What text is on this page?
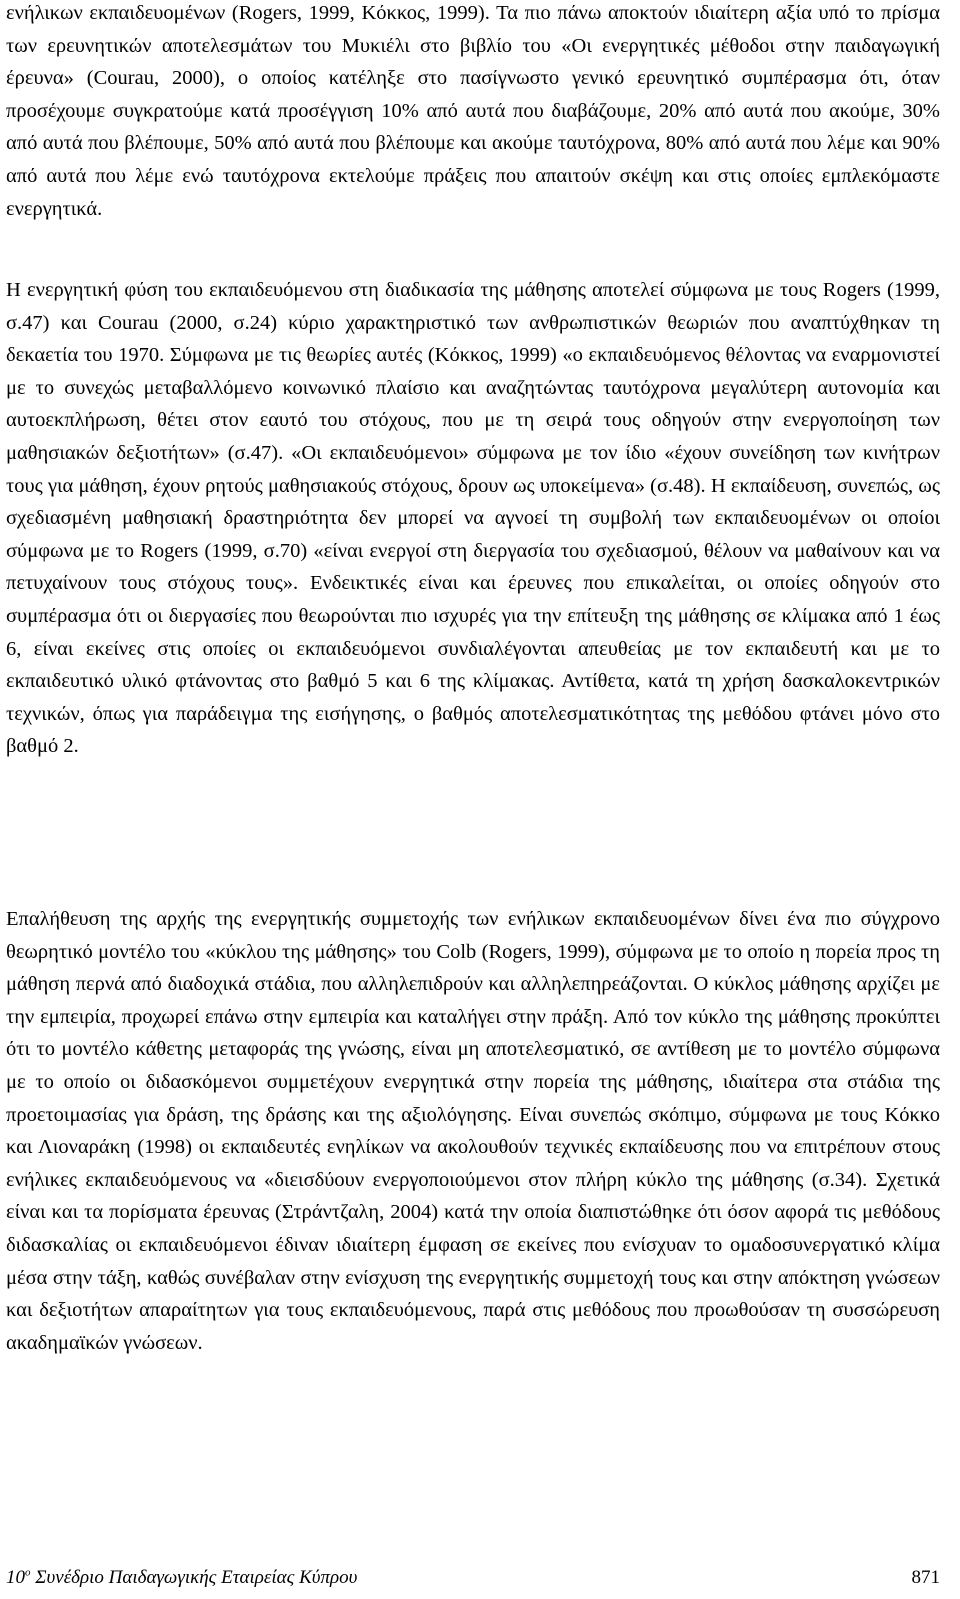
ενήλικων εκπαιδευομένων (Rogers, 1999, Κόκκος, 1999). Τα πιο πάνω αποκτούν ιδιαίτερη αξία υπό το πρίσμα των ερευνητικών αποτελεσμάτων του Μυκιέλι στο βιβλίο του «Οι ενεργητικές μέθοδοι στην παιδαγωγική έρευνα» (Courau, 2000), ο οποίος κατέληξε στο πασίγνωστο γενικό ερευνητικό συμπέρασμα ότι, όταν προσέχουμε συγκρατούμε κατά προσέγγιση 10% από αυτά που διαβάζουμε, 20% από αυτά που ακούμε, 30% από αυτά που βλέπουμε, 50% από αυτά που βλέπουμε και ακούμε ταυτόχρονα, 80% από αυτά που λέμε και 90% από αυτά που λέμε ενώ ταυτόχρονα εκτελούμε πράξεις που απαιτούν σκέψη και στις οποίες εμπλεκόμαστε ενεργητικά.

Η ενεργητική φύση του εκπαιδευόμενου στη διαδικασία της μάθησης αποτελεί σύμφωνα με τους Rogers (1999, σ.47) και Courau (2000, σ.24) κύριο χαρακτηριστικό των ανθρωπιστικών θεωριών που αναπτύχθηκαν τη δεκαετία του 1970. Σύμφωνα με τις θεωρίες αυτές (Κόκκος, 1999) «ο εκπαιδευόμενος θέλοντας να εναρμονιστεί με το συνεχώς μεταβαλλόμενο κοινωνικό πλαίσιο και αναζητώντας ταυτόχρονα μεγαλύτερη αυτονομία και αυτοεκπλήρωση, θέτει στον εαυτό του στόχους, που με τη σειρά τους οδηγούν στην ενεργοποίηση των μαθησιακών δεξιοτήτων» (σ.47). «Οι εκπαιδευόμενοι» σύμφωνα με τον ίδιο «έχουν συνείδηση των κινήτρων τους για μάθηση, έχουν ρητούς μαθησιακούς στόχους, δρουν ως υποκείμενα» (σ.48). Η εκπαίδευση, συνεπώς, ως σχεδιασμένη μαθησιακή δραστηριότητα δεν μπορεί να αγνοεί τη συμβολή των εκπαιδευομένων οι οποίοι σύμφωνα με το Rogers (1999, σ.70) «είναι ενεργοί στη διεργασία του σχεδιασμού, θέλουν να μαθαίνουν και να πετυχαίνουν τους στόχους τους». Ενδεικτικές είναι και έρευνες που επικαλείται, οι οποίες οδηγούν στο συμπέρασμα ότι οι διεργασίες που θεωρούνται πιο ισχυρές για την επίτευξη της μάθησης σε κλίμακα από 1 έως 6, είναι εκείνες στις οποίες οι εκπαιδευόμενοι συνδιαλέγονται απευθείας με τον εκπαιδευτή και με το εκπαιδευτικό υλικό φτάνοντας στο βαθμό 5 και 6 της κλίμακας. Αντίθετα, κατά τη χρήση δασκαλοκεντρικών τεχνικών, όπως για παράδειγμα της εισήγησης, ο βαθμός αποτελεσματικότητας της μεθόδου φτάνει μόνο στο βαθμό 2.

Επαλήθευση της αρχής της ενεργητικής συμμετοχής των ενήλικων εκπαιδευομένων δίνει ένα πιο σύγχρονο θεωρητικό μοντέλο του «κύκλου της μάθησης» του Colb (Rogers, 1999), σύμφωνα με το οποίο η πορεία προς τη μάθηση περνά από διαδοχικά στάδια, που αλληλεπιδρούν και αλληλεπηρεάζονται. Ο κύκλος μάθησης αρχίζει με την εμπειρία, προχωρεί επάνω στην εμπειρία και καταλήγει στην πράξη. Από τον κύκλο της μάθησης προκύπτει ότι το μοντέλο κάθετης μεταφοράς της γνώσης, είναι μη αποτελεσματικό, σε αντίθεση με το μοντέλο σύμφωνα με το οποίο οι διδασκόμενοι συμμετέχουν ενεργητικά στην πορεία της μάθησης, ιδιαίτερα στα στάδια της προετοιμασίας για δράση, της δράσης και της αξιολόγησης. Είναι συνεπώς σκόπιμο, σύμφωνα με τους Κόκκο και Λιοναράκη (1998) οι εκπαιδευτές ενηλίκων να ακολουθούν τεχνικές εκπαίδευσης που να επιτρέπουν στους ενήλικες εκπαιδευόμενους να «διεισδύουν ενεργοποιούμενοι στον πλήρη κύκλο της μάθησης (σ.34). Σχετικά είναι και τα πορίσματα έρευνας (Στράντζαλη, 2004) κατά την οποία διαπιστώθηκε ότι όσον αφορά τις μεθόδους διδασκαλίας οι εκπαιδευόμενοι έδιναν ιδιαίτερη έμφαση σε εκείνες που ενίσχυαν το ομαδοσυνεργατικό κλίμα μέσα στην τάξη, καθώς συνέβαλαν στην ενίσχυση της ενεργητικής συμμετοχή τους και στην απόκτηση γνώσεων και δεξιοτήτων απαραίτητων για τους εκπαιδευόμενους, παρά στις μεθόδους που προωθούσαν τη συσσώρευση ακαδημαϊκών γνώσεων.

$10^o$ Συνέδριο Παιδαγωγικής Εταιρείας Κύπρου	871
